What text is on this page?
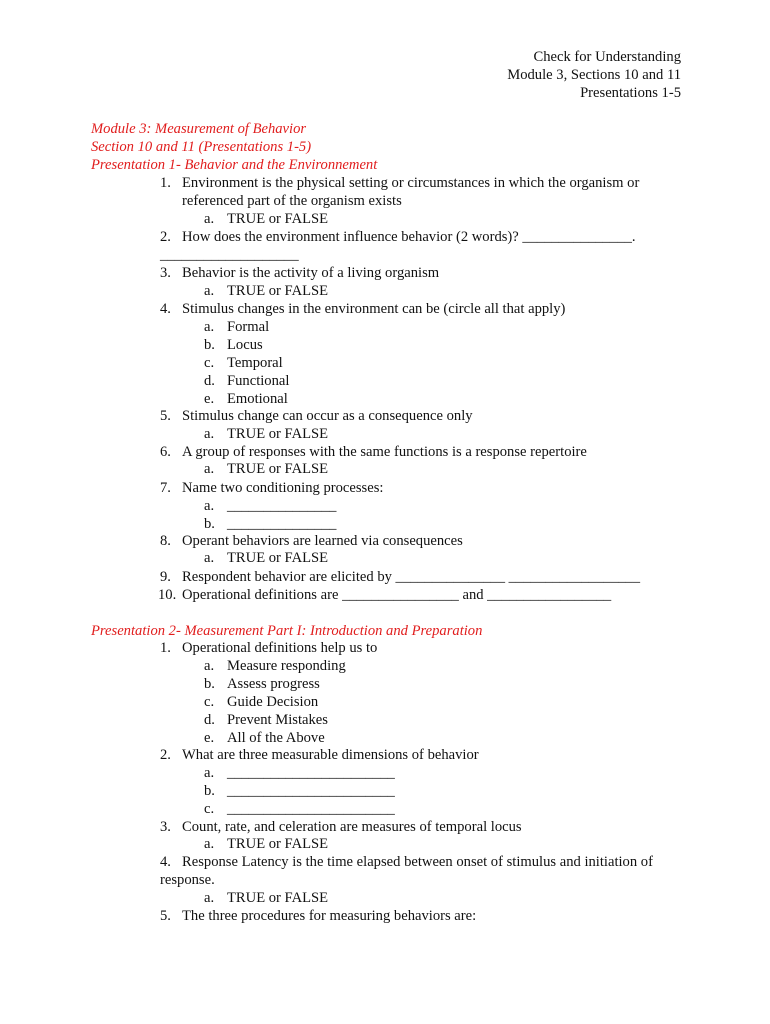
Check for Understanding
Module 3, Sections 10 and 11
Presentations 1-5
Module 3: Measurement of Behavior
Section 10 and 11 (Presentations 1-5)
Presentation 1- Behavior and the Environnement
1. Environment is the physical setting or circumstances in which the organism or
referenced part of the organism exists
a. TRUE or FALSE
2. How does the environment influence behavior (2 words)? _______________.
___________________
3. Behavior is the activity of a living organism
a. TRUE or FALSE
4. Stimulus changes in the environment can be (circle all that apply)
a. Formal
b. Locus
c. Temporal
d. Functional
e. Emotional
5. Stimulus change can occur as a consequence only
a. TRUE or FALSE
6. A group of responses with the same functions is a response repertoire
a. TRUE or FALSE
7. Name two conditioning processes:
a. _______________
b. _______________
8. Operant behaviors are learned via consequences
a. TRUE or FALSE
9. Respondent behavior are elicited by _______________ __________________
10. Operational definitions are ________________ and _________________
Presentation 2- Measurement Part I: Introduction and Preparation
1. Operational definitions help us to
a. Measure responding
b. Assess progress
c. Guide Decision
d. Prevent Mistakes
e. All of the Above
2. What are three measurable dimensions of behavior
a. _______________________
b. _______________________
c. _______________________
3. Count, rate, and celeration are measures of temporal locus
a. TRUE or FALSE
4. Response Latency is the time elapsed between onset of stimulus and initiation of
response.
a. TRUE or FALSE
5. The three procedures for measuring behaviors are:
